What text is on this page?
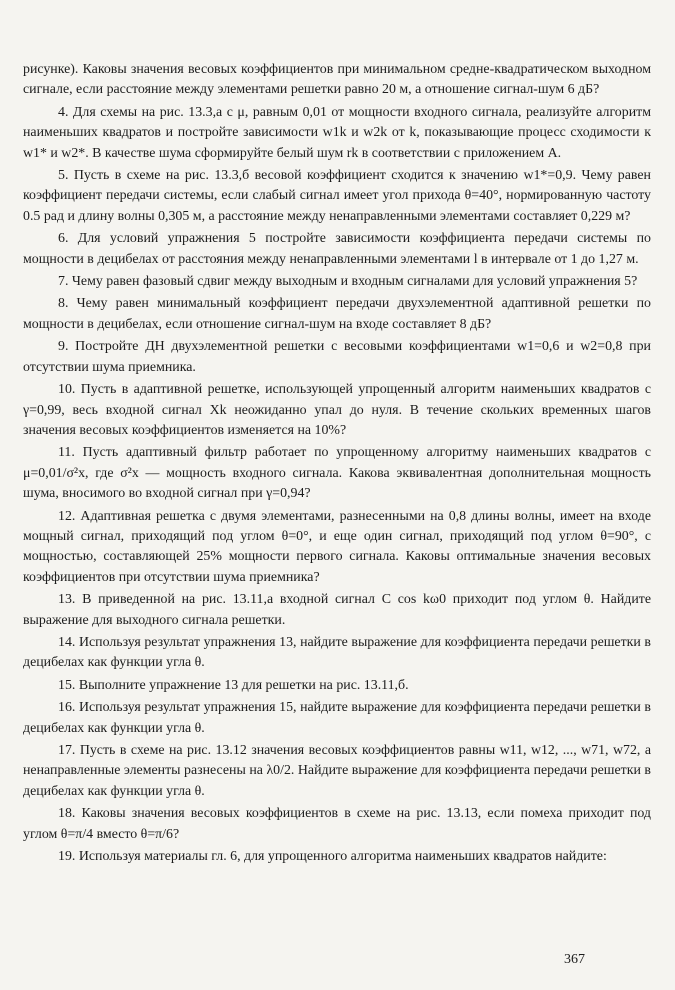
рисунке). Каковы значения весовых коэффициентов при минимальном средне-квадратическом выходном сигнале, если расстояние между элементами решетки равно 20 м, а отношение сигнал-шум 6 дБ?

4. Для схемы на рис. 13.3,а с μ, равным 0,01 от мощности входного сигнала, реализуйте алгоритм наименьших квадратов и постройте зависимости w1k и w2k от k, показывающие процесс сходимости к w1* и w2*. В качестве шума сформируйте белый шум rk в соответствии с приложением А.

5. Пусть в схеме на рис. 13.3,б весовой коэффициент сходится к значению w1*=0,9. Чему равен коэффициент передачи системы, если слабый сигнал имеет угол прихода θ=40°, нормированную частоту 0.5 рад и длину волны 0,305 м, а расстояние между ненаправленными элементами составляет 0,229 м?

6. Для условий упражнения 5 постройте зависимости коэффициента передачи системы по мощности в децибелах от расстояния между ненаправленными элементами l в интервале от 1 до 1,27 м.

7. Чему равен фазовый сдвиг между выходным и входным сигналами для условий упражнения 5?

8. Чему равен минимальный коэффициент передачи двухэлементной адаптивной решетки по мощности в децибелах, если отношение сигнал-шум на входе составляет 8 дБ?

9. Постройте ДН двухэлементной решетки с весовыми коэффициентами w1=0,6 и w2=0,8 при отсутствии шума приемника.

10. Пусть в адаптивной решетке, использующей упрощенный алгоритм наименьших квадратов с γ=0,99, весь входной сигнал Xk неожиданно упал до нуля. В течение скольких временных шагов значения весовых коэффициентов изменяется на 10%?

11. Пусть адаптивный фильтр работает по упрощенному алгоритму наименьших квадратов с μ=0,01/σ²x, где σ²x — мощность входного сигнала. Какова эквивалентная дополнительная мощность шума, вносимого во входной сигнал при γ=0,94?

12. Адаптивная решетка с двумя элементами, разнесенными на 0,8 длины волны, имеет на входе мощный сигнал, приходящий под углом θ=0°, и еще один сигнал, приходящий под углом θ=90°, с мощностью, составляющей 25% мощности первого сигнала. Каковы оптимальные значения весовых коэффициентов при отсутствии шума приемника?

13. В приведенной на рис. 13.11,а входной сигнал C cos kω0 приходит под углом θ. Найдите выражение для выходного сигнала решетки.

14. Используя результат упражнения 13, найдите выражение для коэффициента передачи решетки в децибелах как функции угла θ.

15. Выполните упражнение 13 для решетки на рис. 13.11,б.

16. Используя результат упражнения 15, найдите выражение для коэффициента передачи решетки в децибелах как функции угла θ.

17. Пусть в схеме на рис. 13.12 значения весовых коэффициентов равны w11, w12, ..., w71, w72, а ненаправленные элементы разнесены на λ0/2. Найдите выражение для коэффициента передачи решетки в децибелах как функции угла θ.

18. Каковы значения весовых коэффициентов в схеме на рис. 13.13, если помеха приходит под углом θ=π/4 вместо θ=π/6?

19. Используя материалы гл. 6, для упрощенного алгоритма наименьших квадратов найдите:

367
